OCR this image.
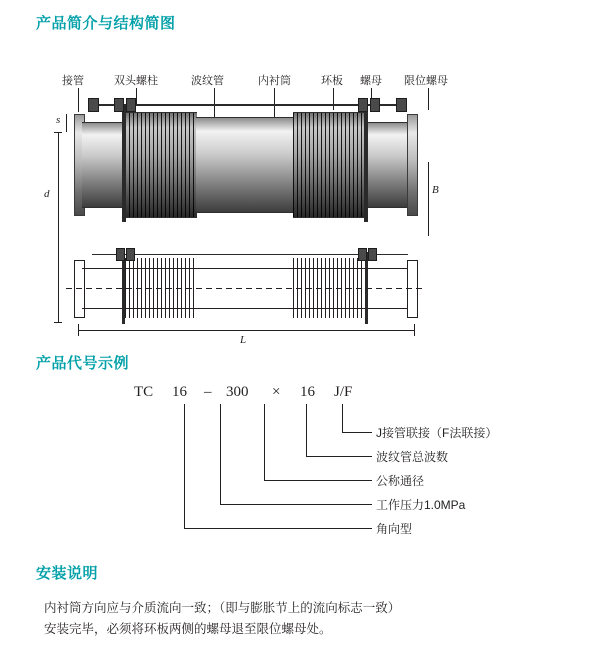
产品简介与结构简图
接管	双头螺柱	波纹管	内衬筒	环板 螺母 限位螺母
s
d	B
L
产品代号示例
TC 16 – 300 × 16 J/F
J接管联接（F法联接）
波纹管总波数
公称通径
工作压力1.0MPa
角向型
安装说明
内衬筒方向应与介质流向一致；（即与膨胀节上的流向标志一致）
安装完毕，必须将环板两侧的螺母退至限位螺母处。
